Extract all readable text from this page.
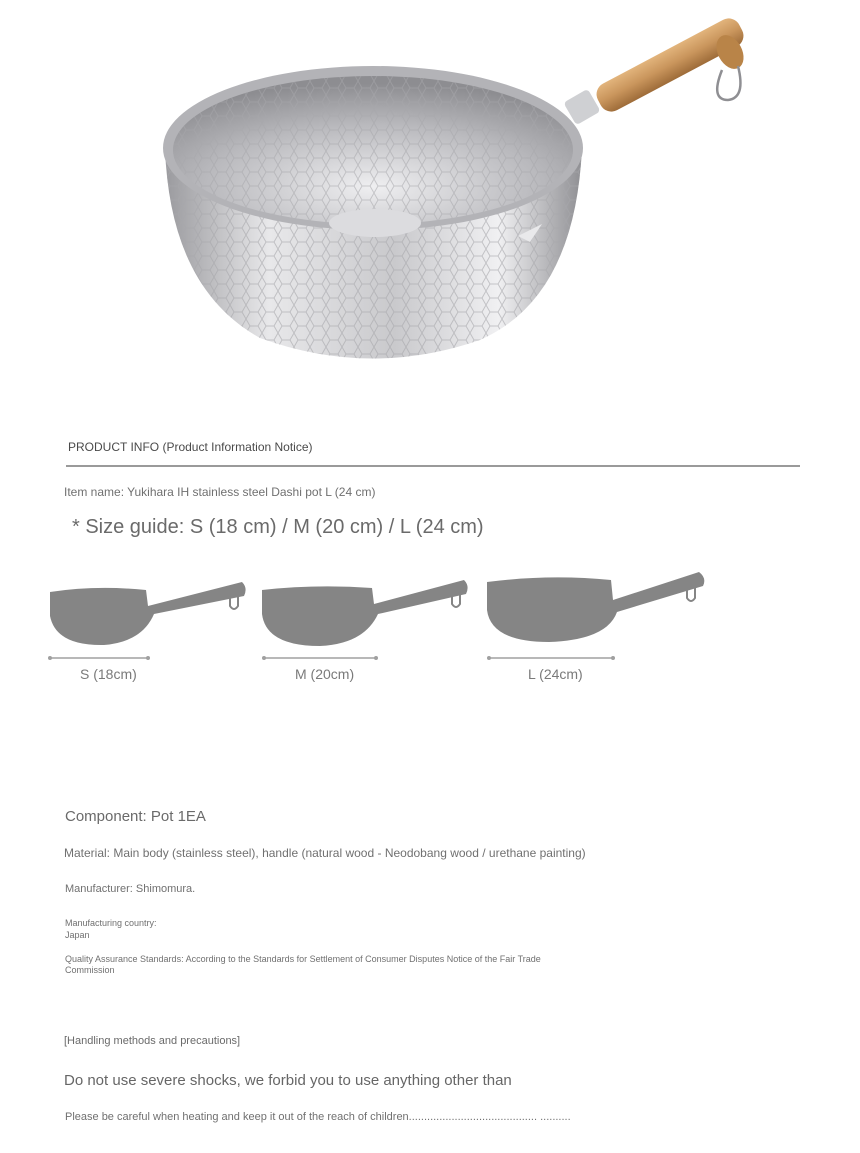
PRODUCT INFO (Product Information Notice)
Item name: Yukihara IH stainless steel Dashi pot L (24 cm)
* Size guide: S (18 cm) / M (20 cm) / L (24 cm)
S (18cm)	M (20cm)	L (24cm)
Component: Pot 1EA
Material: Main body (stainless steel), handle (natural wood - Neodobang wood / urethane painting)
Manufacturer: Shimomura.
Manufacturing country:
Japan
Quality Assurance Standards: According to the Standards for Settlement of Consumer Disputes Notice of the Fair Trade Commission
[Handling methods and precautions]
Do not use severe shocks, we forbid you to use anything other than
Please be careful when heating and keep it out of the reach of children.......................................... ..........
